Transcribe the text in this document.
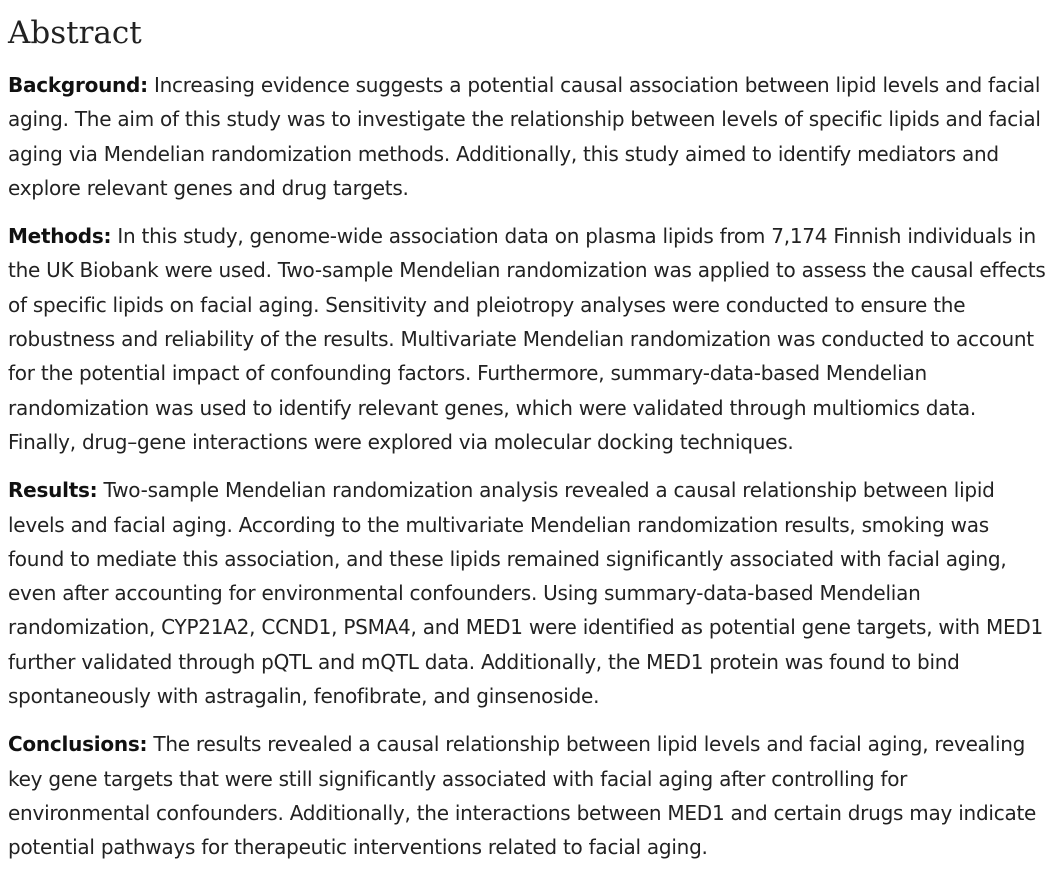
Abstract

Background: Increasing evidence suggests a potential causal association between lipid levels and facial aging. The aim of this study was to investigate the relationship between levels of specific lipids and facial aging via Mendelian randomization methods. Additionally, this study aimed to identify mediators and explore relevant genes and drug targets.

Methods: In this study, genome-wide association data on plasma lipids from 7,174 Finnish individuals in the UK Biobank were used. Two-sample Mendelian randomization was applied to assess the causal effects of specific lipids on facial aging. Sensitivity and pleiotropy analyses were conducted to ensure the robustness and reliability of the results. Multivariate Mendelian randomization was conducted to account for the potential impact of confounding factors. Furthermore, summary-data-based Mendelian randomization was used to identify relevant genes, which were validated through multiomics data. Finally, drug–gene interactions were explored via molecular docking techniques.

Results: Two-sample Mendelian randomization analysis revealed a causal relationship between lipid levels and facial aging. According to the multivariate Mendelian randomization results, smoking was found to mediate this association, and these lipids remained significantly associated with facial aging, even after accounting for environmental confounders. Using summary-data-based Mendelian randomization, CYP21A2, CCND1, PSMA4, and MED1 were identified as potential gene targets, with MED1 further validated through pQTL and mQTL data. Additionally, the MED1 protein was found to bind spontaneously with astragalin, fenofibrate, and ginsenoside.

Conclusions: The results revealed a causal relationship between lipid levels and facial aging, revealing key gene targets that were still significantly associated with facial aging after controlling for environmental confounders. Additionally, the interactions between MED1 and certain drugs may indicate potential pathways for therapeutic interventions related to facial aging.
